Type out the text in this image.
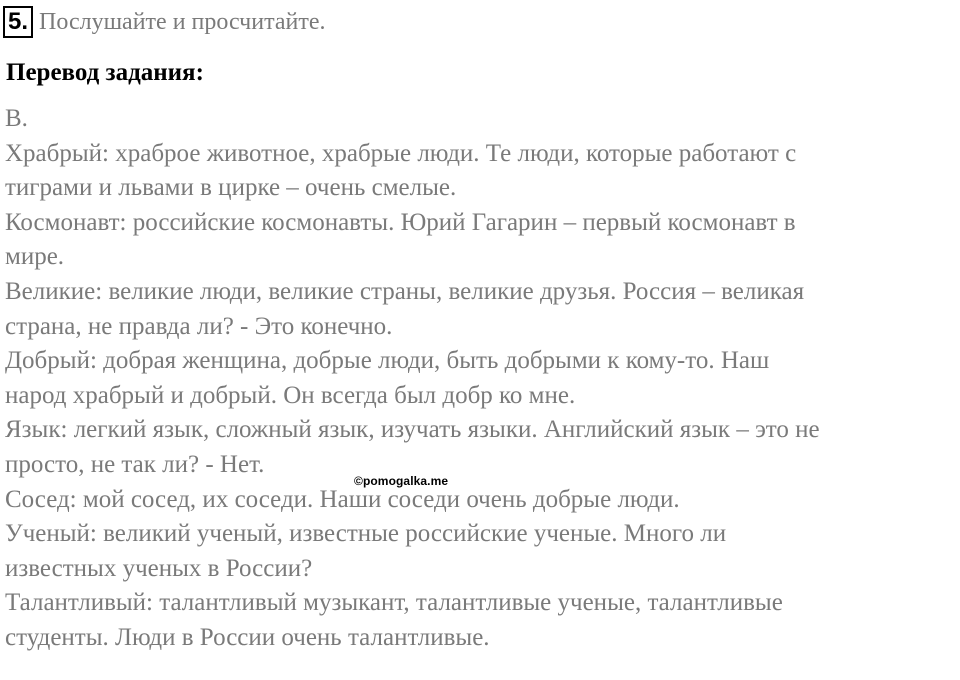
5. Послушайте и просчитайте.
Перевод задания:
B.
Храбрый: храброе животное, храбрые люди. Те люди, которые работают с
тиграми и львами в цирке – очень смелые.
Космонавт: российские космонавты. Юрий Гагарин – первый космонавт в
мире.
Великие: великие люди, великие страны, великие друзья. Россия – великая
страна, не правда ли? - Это конечно.
Добрый: добрая женщина, добрые люди, быть добрыми к кому-то. Наш
народ храбрый и добрый. Он всегда был добр ко мне.
Язык: легкий язык, сложный язык, изучать языки. Английский язык – это не
просто, не так ли? - Нет.
Сосед: мой сосед, их соседи. Наши соседи очень добрые люди.
Ученый: великий ученый, известные российские ученые. Много ли
известных ученых в России?
Талантливый: талантливый музыкант, талантливые ученые, талантливые
студенты. Люди в России очень талантливые.
©pomogalka.me
